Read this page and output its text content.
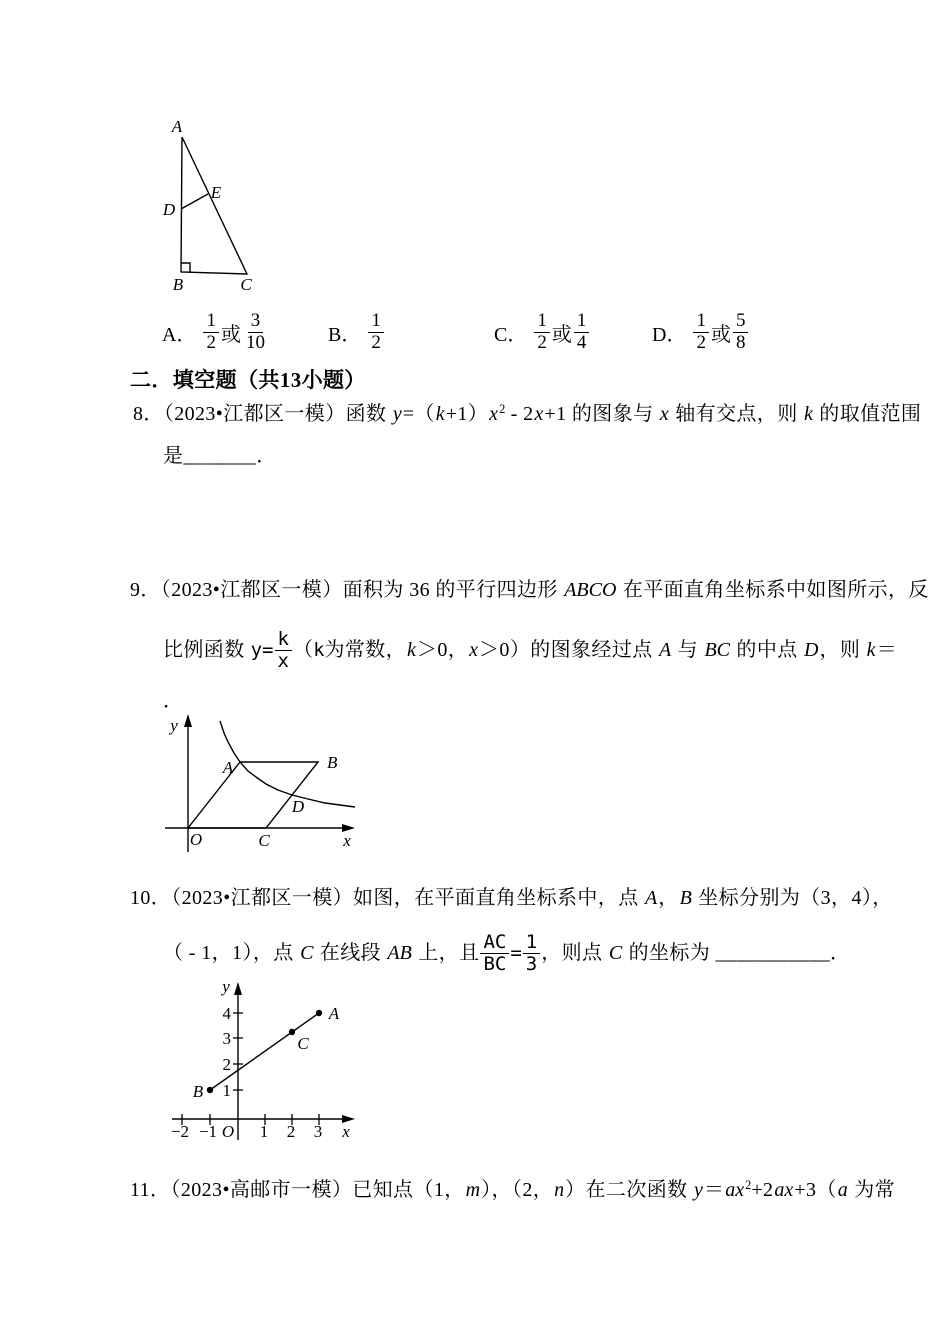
A
B	C
D
E
A． $\frac{1}{2}$ 或 $\frac{3}{10}$	B． $\frac{1}{2}$	C． $\frac{1}{2}$ 或 $\frac{1}{4}$	D． $\frac{1}{2}$ 或 $\frac{5}{8}$
二．填空题（共13小题）
8．（2023•江都区一模）函数 $y=(k+1)x^2 - 2x+1$ 的图象与 x 轴有交点，则 k 的取值范围
是_______．
9．（2023•江都区一模）面积为 36 的平行四边形 ABCO 在平面直角坐标系中如图所示，反
比例函数 $y= \frac{k}{x} (k$为常数，k＞0，x＞0）的图象经过点 A 与 BC 的中点 D，则 k＝
．
y
x
O
A	B
C
D
10．（2023•江都区一模）如图，在平面直角坐标系中，点 A，B 坐标分别为（3，4），
（ - 1，1），点 C 在线段 AB 上，且 $\frac{AC}{BC} = \frac{1}{3}$ ，则点 C 的坐标为 ___________．
−2 −1 O 1 2 3 x
4
3
2
1
y
A
B
C
11．（2023•高邮市一模）已知点（1，m），（2，n）在二次函数 $y=ax^2+2ax+3(a$ 为常
